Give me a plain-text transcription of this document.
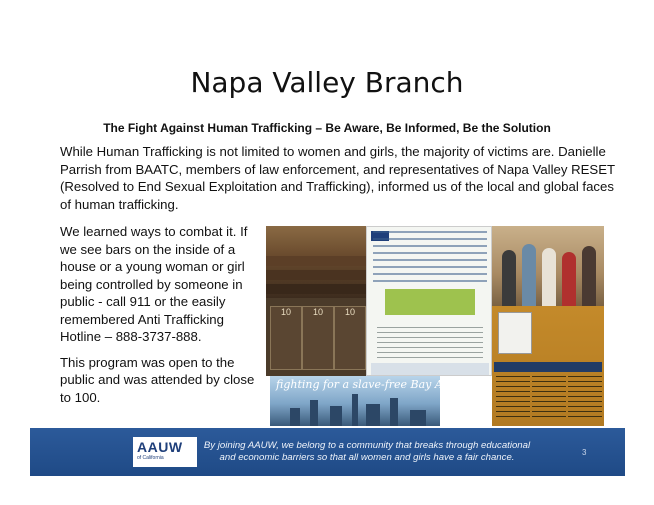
Napa Valley Branch
The Fight Against Human Trafficking – Be Aware, Be Informed, Be the Solution
While Human Trafficking is not limited to women and girls, the majority of victims are. Danielle Parrish from BAATC, members of law enforcement, and representatives of Napa Valley RESET (Resolved to End Sexual Exploitation and Trafficking), informed us of the local and global faces of human trafficking.

We learned ways to combat it. If we see bars on the inside of a house or a young woman or girl being controlled by someone in public - call 911 or the easily remembered Anti Trafficking Hotline – 888-3737-888.

This program was open to the public and was attended by close to 100.

10	10	10
fighting for a slave-free Bay Area
AAUW
of California
By joining AAUW, we belong to a community that breaks through educational and economic barriers so that all women and girls have a fair chance.	3
